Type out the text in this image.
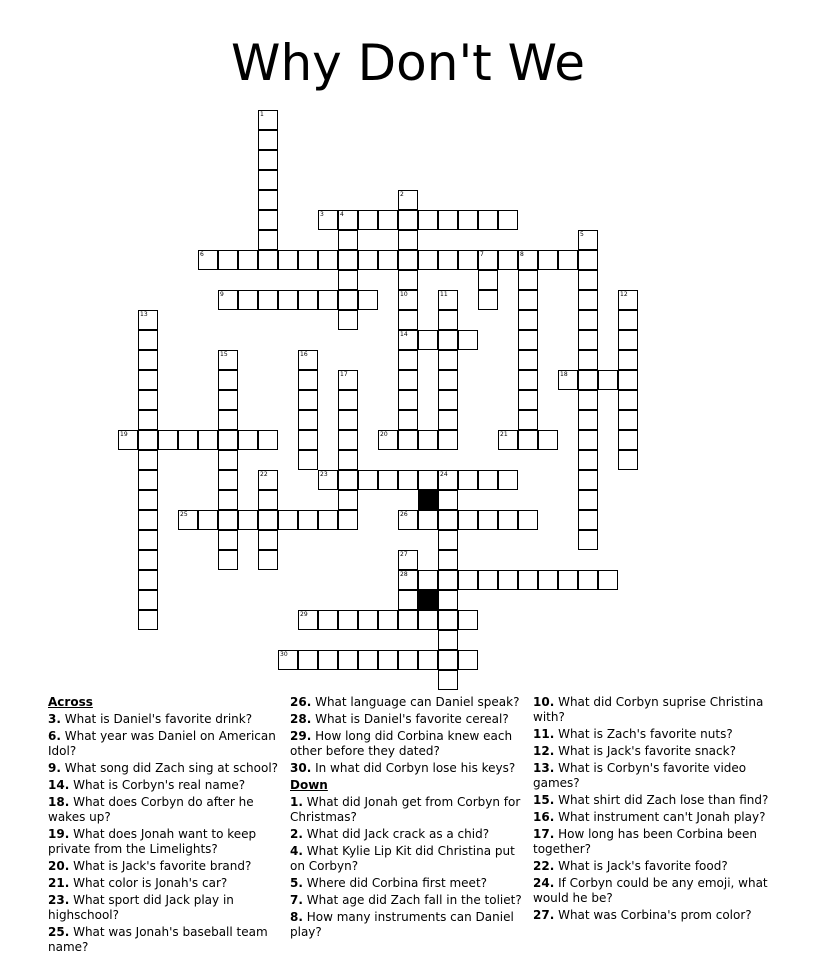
Why Don't We
3	4
6	7	8
9
14
18
19	20	21
23	24
25	26
28
29
30
1
2
5
10	11	12
13
15	16
17
22
27
Across
3. What is Daniel's favorite drink?
6. What year was Daniel on American Idol?
9. What song did Zach sing at school?
14. What is Corbyn's real name?
18. What does Corbyn do after he wakes up?
19. What does Jonah want to keep private from the Limelights?
20. What is Jack's favorite brand?
21. What color is Jonah's car?
23. What sport did Jack play in highschool?
25. What was Jonah's baseball team name?
26. What language can Daniel speak?
28. What is Daniel's favorite cereal?
29. How long did Corbina knew each other before they dated?
30. In what did Corbyn lose his keys?
Down
1. What did Jonah get from Corbyn for Christmas?
2. What did Jack crack as a chid?
4. What Kylie Lip Kit did Christina put on Corbyn?
5. Where did Corbina first meet?
7. What age did Zach fall in the toliet?
8. How many instruments can Daniel play?
10. What did Corbyn suprise Christina with?
11. What is Zach's favorite nuts?
12. What is Jack's favorite snack?
13. What is Corbyn's favorite video games?
15. What shirt did Zach lose than find?
16. What instrument can't Jonah play?
17. How long has been Corbina been together?
22. What is Jack's favorite food?
24. If Corbyn could be any emoji, what would he be?
27. What was Corbina's prom color?
